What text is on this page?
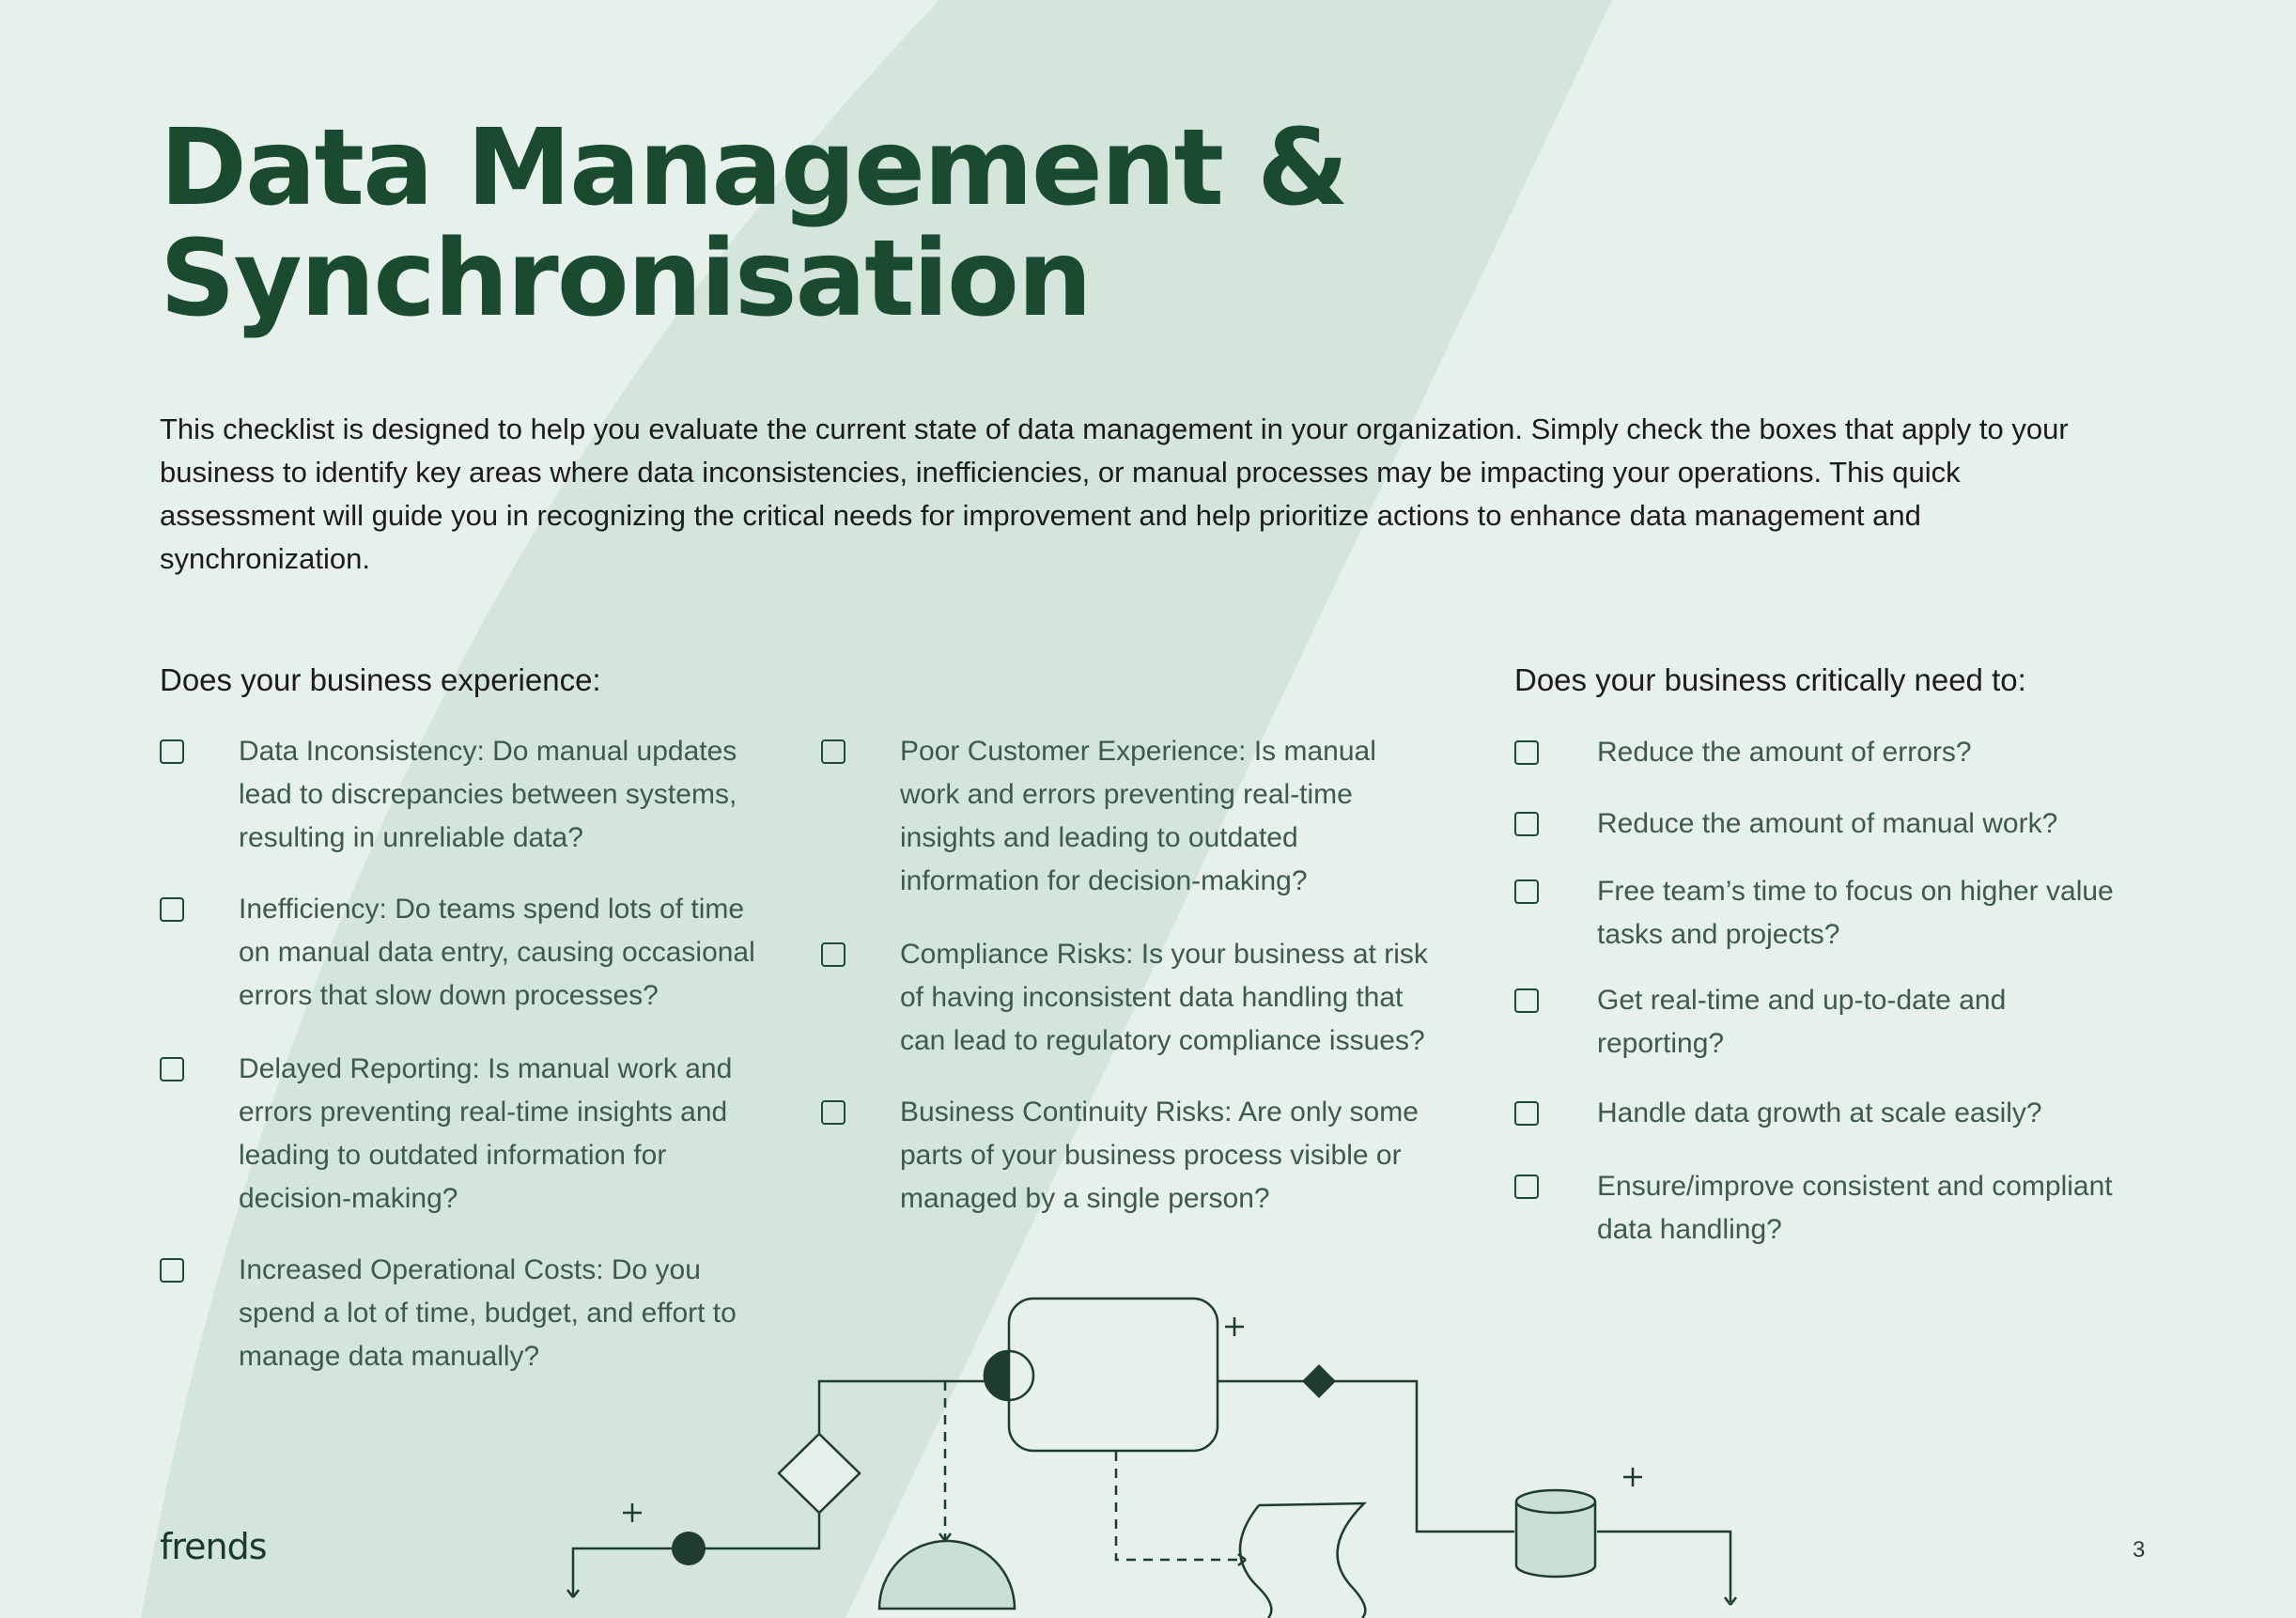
Data Management &
Synchronisation

This checklist is designed to help you evaluate the current state of data management in your organization. Simply check the boxes that apply to your business to identify key areas where data inconsistencies, inefficiencies, or manual processes may be impacting your operations. This quick assessment will guide you in recognizing the critical needs for improvement and help prioritize actions to enhance data management and synchronization.

Does your business experience:	Does your business critically need to:
Data Inconsistency: Do manual updates lead to discrepancies between systems, resulting in unreliable data?
Inefficiency: Do teams spend lots of time on manual data entry, causing occasional errors that slow down processes?
Delayed Reporting: Is manual work and errors preventing real-time insights and leading to outdated information for decision-making?
Increased Operational Costs: Do you spend a lot of time, budget, and effort to manage data manually?
Poor Customer Experience: Is manual work and errors preventing real-time insights and leading to outdated information for decision-making?
Compliance Risks: Is your business at risk of having inconsistent data handling that can lead to regulatory compliance issues?
Business Continuity Risks: Are only some parts of your business process visible or managed by a single person?
Reduce the amount of errors?
Reduce the amount of manual work?
Free team’s time to focus on higher value tasks and projects?
Get real-time and up-to-date and reporting?
Handle data growth at scale easily?
Ensure/improve consistent and compliant data handling?
frends	3
